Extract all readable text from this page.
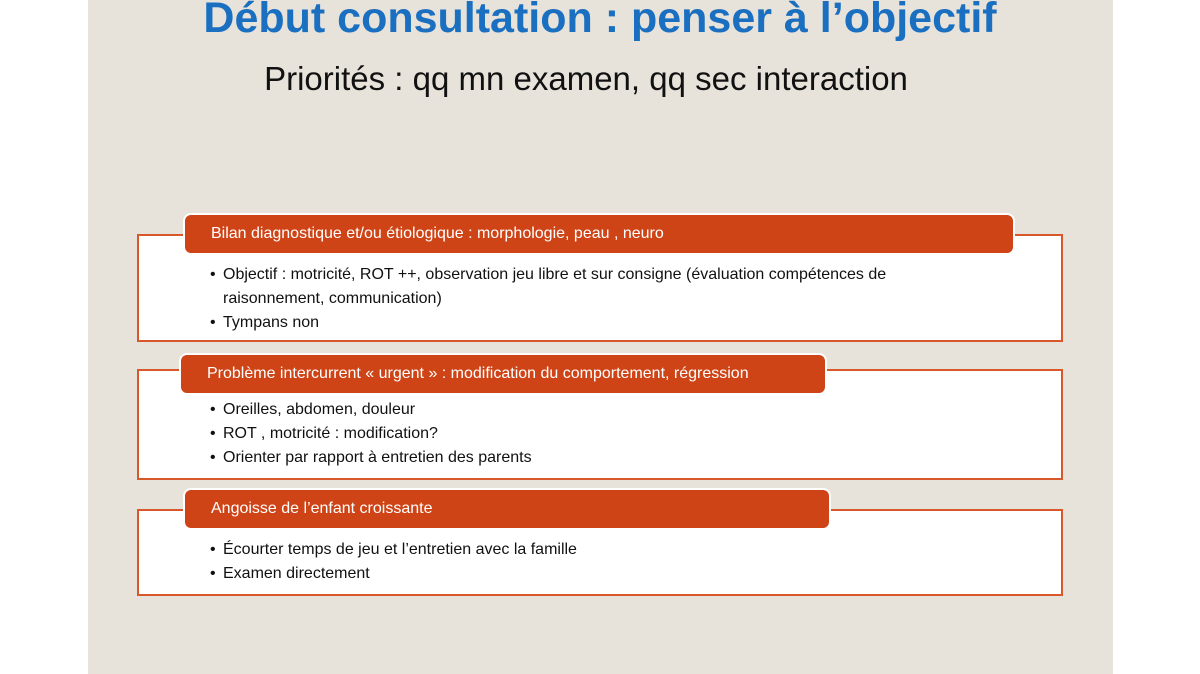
Début consultation : penser à l’objectif

Priorités : qq mn examen, qq sec interaction

Bilan diagnostique et/ou étiologique : morphologie, peau , neuro
• Objectif : motricité, ROT ++, observation jeu libre et sur consigne (évaluation compétences de raisonnement, communication)
• Tympans non
Problème intercurrent « urgent » : modification du comportement, régression
• Oreilles, abdomen, douleur
• ROT , motricité : modification?
• Orienter par rapport à entretien des parents
Angoisse de l’enfant croissante
• Écourter temps de jeu et l’entretien avec la famille
• Examen directement
